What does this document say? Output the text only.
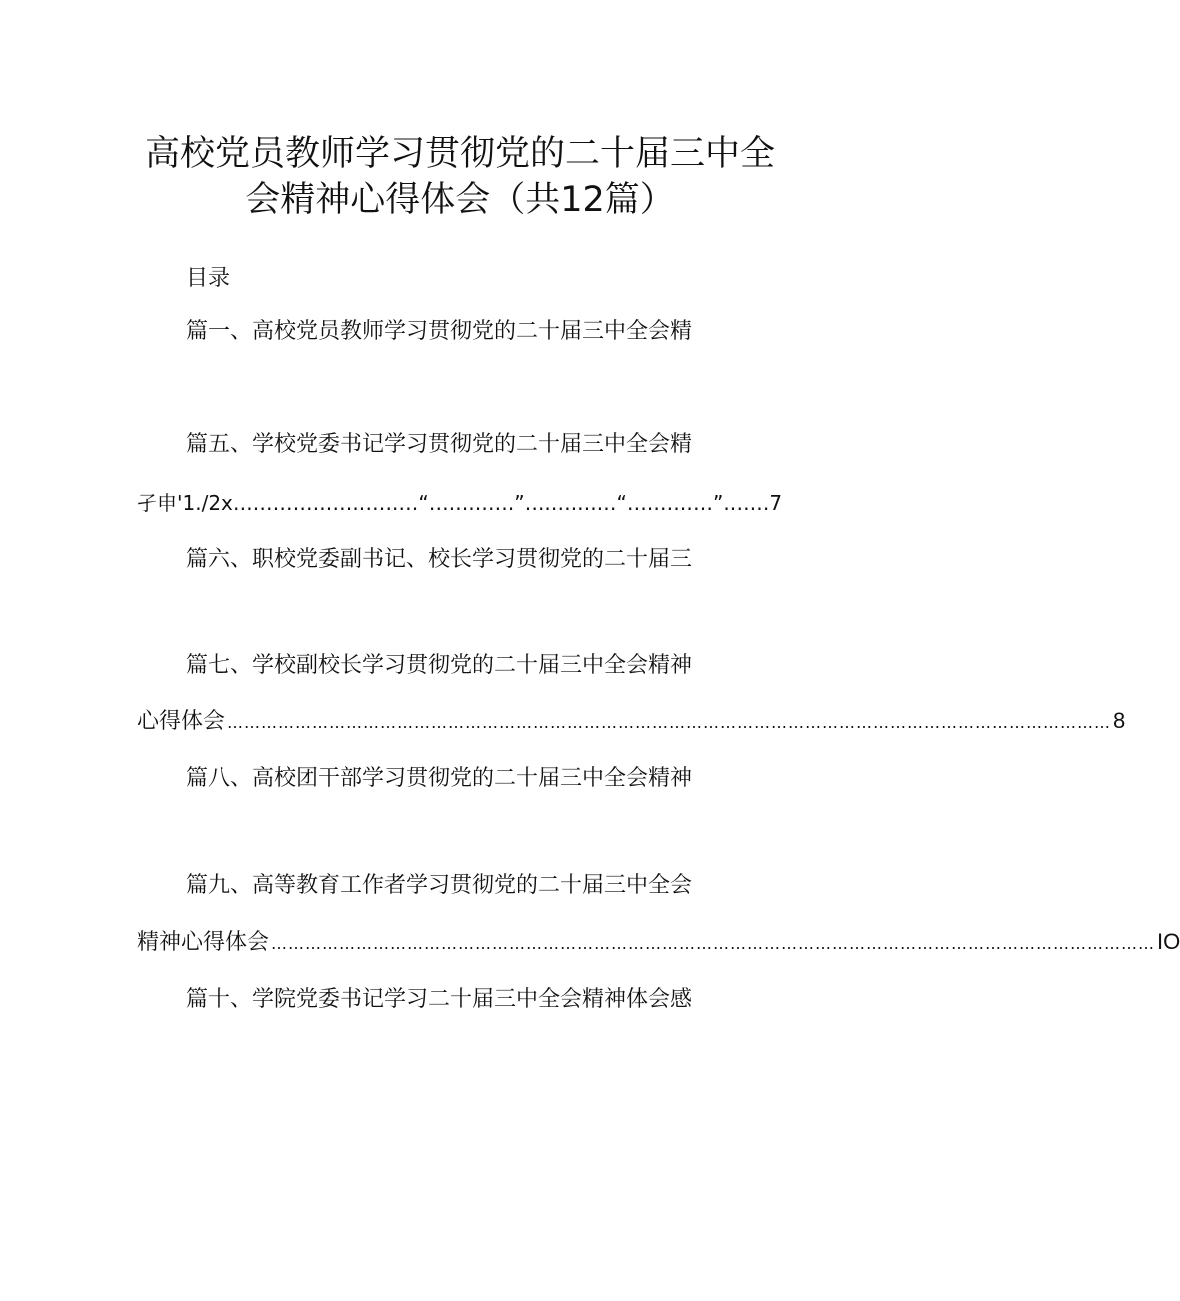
高校党员教师学习贯彻党的二十届三中全
会精神心得体会（共12篇）
目录
篇一、高校党员教师学习贯彻党的二十届三中全会精
篇五、学校党委书记学习贯彻党的二十届三中全会精
孑申'1./2x‥.……․….․….․…․.…“….․.․.․….”‥..….․.․.‥“….․….․…”.․‥.‥7
篇六、职校党委副书记、校长学习贯彻党的二十届三
篇七、学校副校长学习贯彻党的二十届三中全会精神
心得体会 ………………………………………………………………………………………………………………………………………… 8
篇八、高校团干部学习贯彻党的二十届三中全会精神
篇九、高等教育工作者学习贯彻党的二十届三中全会
精神心得体会 ………………………………………………………………………………………………………………………………………… IO
篇十、学院党委书记学习二十届三中全会精神体会感
